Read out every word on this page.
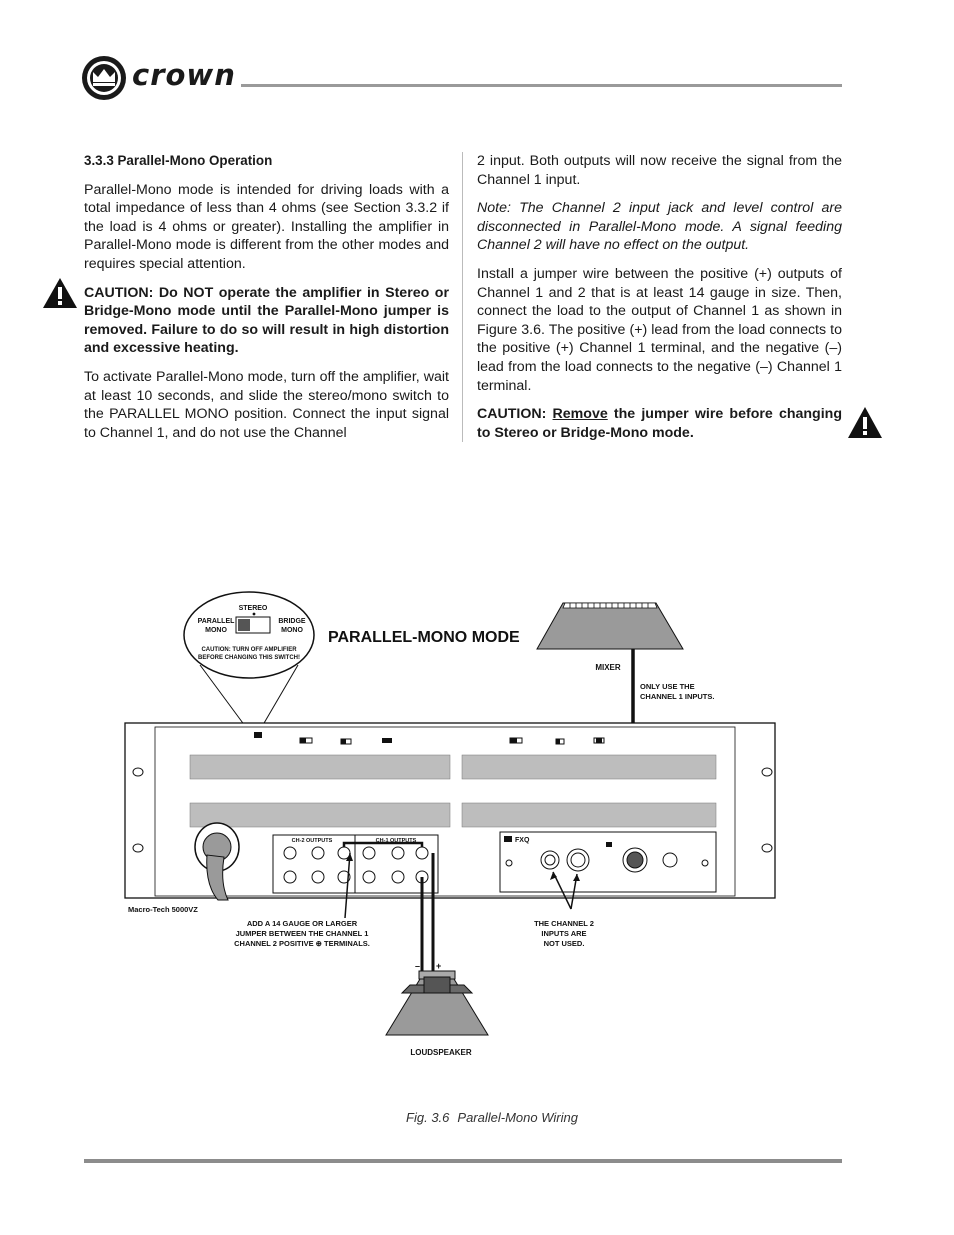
crown

3.3.3 Parallel-Mono Operation

Parallel-Mono mode is intended for driving loads with a total impedance of less than 4 ohms (see Section 3.3.2 if the load is 4 ohms or greater). Installing the amplifier in Parallel-Mono mode is different from the other modes and requires special attention.

CAUTION: Do NOT operate the amplifier in Stereo or Bridge-Mono mode until the Parallel-Mono jumper is removed. Failure to do so will result in high distortion and excessive heating.

To activate Parallel-Mono mode, turn off the amplifier, wait at least 10 seconds, and slide the stereo/mono switch to the PARALLEL MONO position. Connect the input signal to Channel 1, and do not use the Channel

2 input. Both outputs will now receive the signal from the Channel 1 input.

Note: The Channel 2 input jack and level control are disconnected in Parallel-Mono mode. A signal feeding Channel 2 will have no effect on the output.

Install a jumper wire between the positive (+) outputs of Channel 1 and 2 that is at least 14 gauge in size. Then, connect the load to the output of Channel 1 as shown in Figure 3.6. The positive (+) lead from the load connects to the positive (+) Channel 1 terminal, and the negative (–) lead from the load connects to the negative (–) Channel 1 terminal.

CAUTION: Remove the jumper wire before changing to Stereo or Bridge-Mono mode.

STEREO
PARALLEL
MONO
BRIDGE
MONO
CAUTION: TURN OFF AMPLIFIER
BEFORE CHANGING THIS SWITCH!
PARALLEL-MONO MODE
MIXER
ONLY USE THE
CHANNEL 1 INPUTS.
CH-2 OUTPUTS	CH-1 OUTPUTS
– +
FXQ
Macro-Tech 5000VZ
ADD A 14 GAUGE OR LARGER
JUMPER BETWEEN THE CHANNEL 1
CHANNEL 2 POSITIVE ⊕ TERMINALS.
THE CHANNEL 2
INPUTS ARE
NOT USED.
LOUDSPEAKER
Fig. 3.6 Parallel-Mono Wiring
